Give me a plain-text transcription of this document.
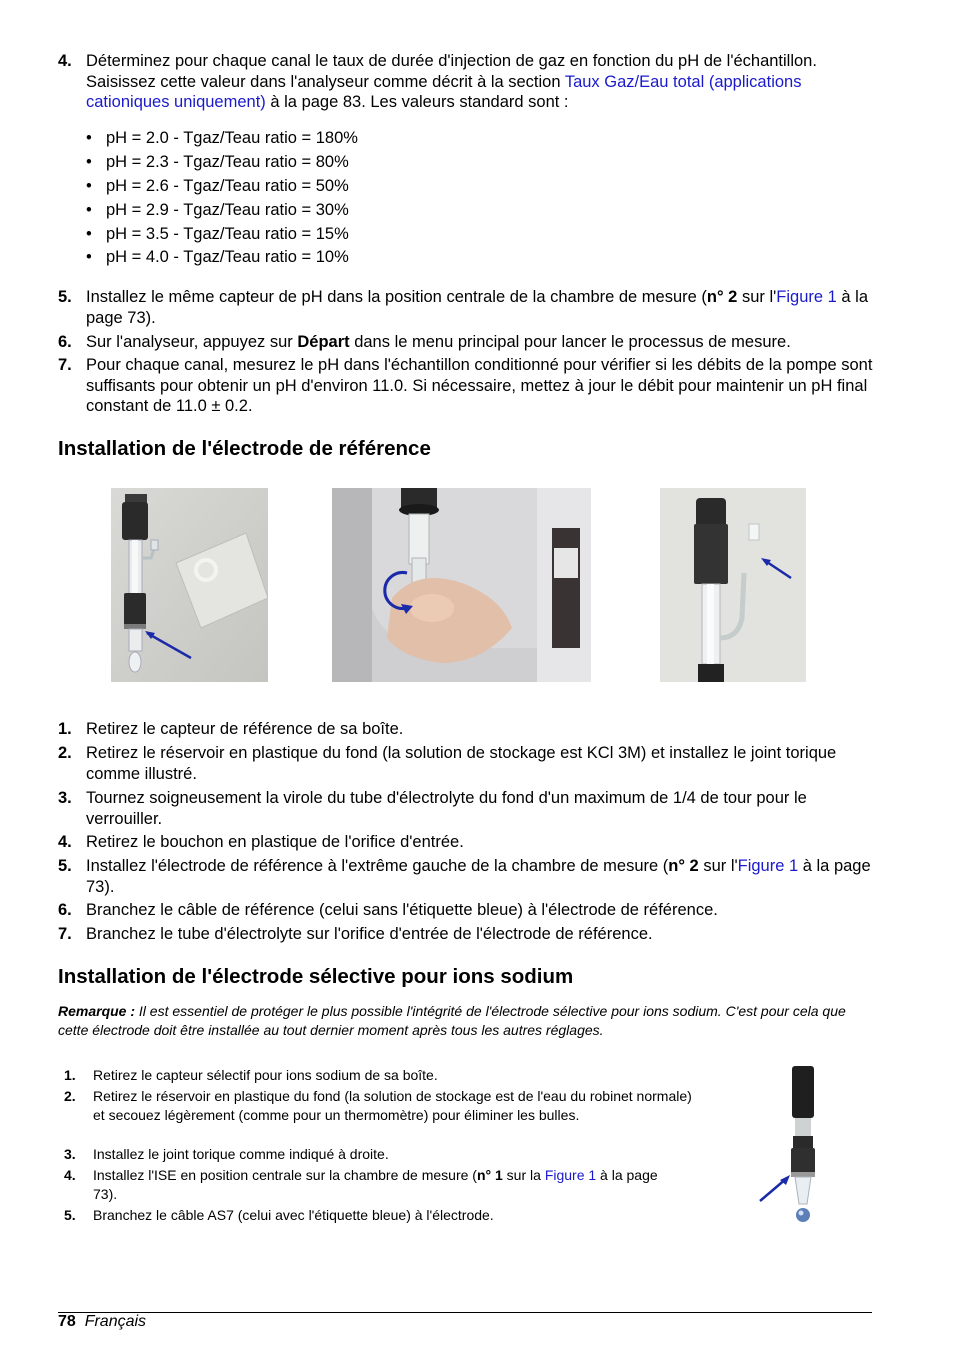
4. Déterminez pour chaque canal le taux de durée d'injection de gaz en fonction du pH de l'échantillon. Saisissez cette valeur dans l'analyseur comme décrit à la section Taux Gaz/Eau total (applications cationiques uniquement) à la page 83. Les valeurs standard sont :
• pH = 2.0 - Tgaz/Teau ratio = 180%
• pH = 2.3 - Tgaz/Teau ratio = 80%
• pH = 2.6 - Tgaz/Teau ratio = 50%
• pH = 2.9 - Tgaz/Teau ratio = 30%
• pH = 3.5 - Tgaz/Teau ratio = 15%
• pH = 4.0 - Tgaz/Teau ratio = 10%
5. Installez le même capteur de pH dans la position centrale de la chambre de mesure (n° 2 sur l'Figure 1 à la page 73).
6. Sur l'analyseur, appuyez sur Départ dans le menu principal pour lancer le processus de mesure.
7. Pour chaque canal, mesurez le pH dans l'échantillon conditionné pour vérifier si les débits de la pompe sont suffisants pour obtenir un pH d'environ 11.0. Si nécessaire, mettez à jour le débit pour maintenir un pH final constant de 11.0 ± 0.2.
Installation de l'électrode de référence
1. Retirez le capteur de référence de sa boîte.
2. Retirez le réservoir en plastique du fond (la solution de stockage est KCl 3M) et installez le joint torique comme illustré.
3. Tournez soigneusement la virole du tube d'électrolyte du fond d'un maximum de 1/4 de tour pour le verrouiller.
4. Retirez le bouchon en plastique de l'orifice d'entrée.
5. Installez l'électrode de référence à l'extrême gauche de la chambre de mesure (n° 2 sur l'Figure 1 à la page 73).
6. Branchez le câble de référence (celui sans l'étiquette bleue) à l'électrode de référence.
7. Branchez le tube d'électrolyte sur l'orifice d'entrée de l'électrode de référence.
Installation de l'électrode sélective pour ions sodium
Remarque : Il est essentiel de protéger le plus possible l'intégrité de l'électrode sélective pour ions sodium. C'est pour cela que cette électrode doit être installée au tout dernier moment après tous les autres réglages.
1. Retirez le capteur sélectif pour ions sodium de sa boîte.
2. Retirez le réservoir en plastique du fond (la solution de stockage est de l'eau du robinet normale) et secouez légèrement (comme pour un thermomètre) pour éliminer les bulles.
3. Installez le joint torique comme indiqué à droite.
4. Installez l'ISE en position centrale sur la chambre de mesure (n° 1 sur la Figure 1 à la page 73).
5. Branchez le câble AS7 (celui avec l'étiquette bleue) à l'électrode.
78 Français
